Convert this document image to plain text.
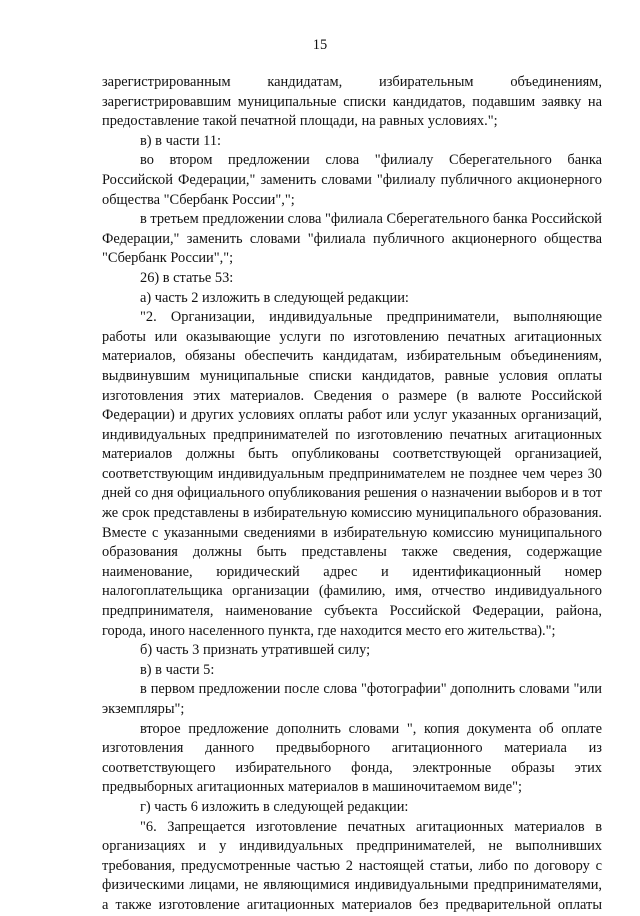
15

зарегистрированным кандидатам, избирательным объединениям, зарегистрировавшим муниципальные списки кандидатов, подавшим заявку на предоставление такой печатной площади, на равных условиях.";

в) в части 11:

во втором предложении слова "филиалу Сберегательного банка Российской Федерации," заменить словами "филиалу публичного акционерного общества "Сбербанк России",";

в третьем предложении слова "филиала Сберегательного банка Российской Федерации," заменить словами "филиала публичного акционерного общества "Сбербанк России",";

26) в статье 53:

а) часть 2 изложить в следующей редакции:

"2. Организации, индивидуальные предприниматели, выполняющие работы или оказывающие услуги по изготовлению печатных агитационных материалов, обязаны обеспечить кандидатам, избирательным объединениям, выдвинувшим муниципальные списки кандидатов, равные условия оплаты изготовления этих материалов. Сведения о размере (в валюте Российской Федерации) и других условиях оплаты работ или услуг указанных организаций, индивидуальных предпринимателей по изготовлению печатных агитационных материалов должны быть опубликованы соответствующей организацией, соответствующим индивидуальным предпринимателем не позднее чем через 30 дней со дня официального опубликования решения о назначении выборов и в тот же срок представлены в избирательную комиссию муниципального образования. Вместе с указанными сведениями в избирательную комиссию муниципального образования должны быть представлены также сведения, содержащие наименование, юридический адрес и идентификационный номер налогоплательщика организации (фамилию, имя, отчество индивидуального предпринимателя, наименование субъекта Российской Федерации, района, города, иного населенного пункта, где находится место его жительства).";

б) часть 3 признать утратившей силу;

в) в части 5:

в первом предложении после слова "фотографии" дополнить словами "или экземпляры";

второе предложение дополнить словами ", копия документа об оплате изготовления данного предвыборного агитационного материала из соответствующего избирательного фонда, электронные образы этих предвыборных агитационных материалов в машиночитаемом виде";

г) часть 6 изложить в следующей редакции:

"6. Запрещается изготовление печатных агитационных материалов в организациях и у индивидуальных предпринимателей, не выполнивших требования, предусмотренные частью 2 настоящей статьи, либо по договору с физическими лицами, не являющимися индивидуальными предпринимателями, а также изготовление агитационных материалов без предварительной оплаты
